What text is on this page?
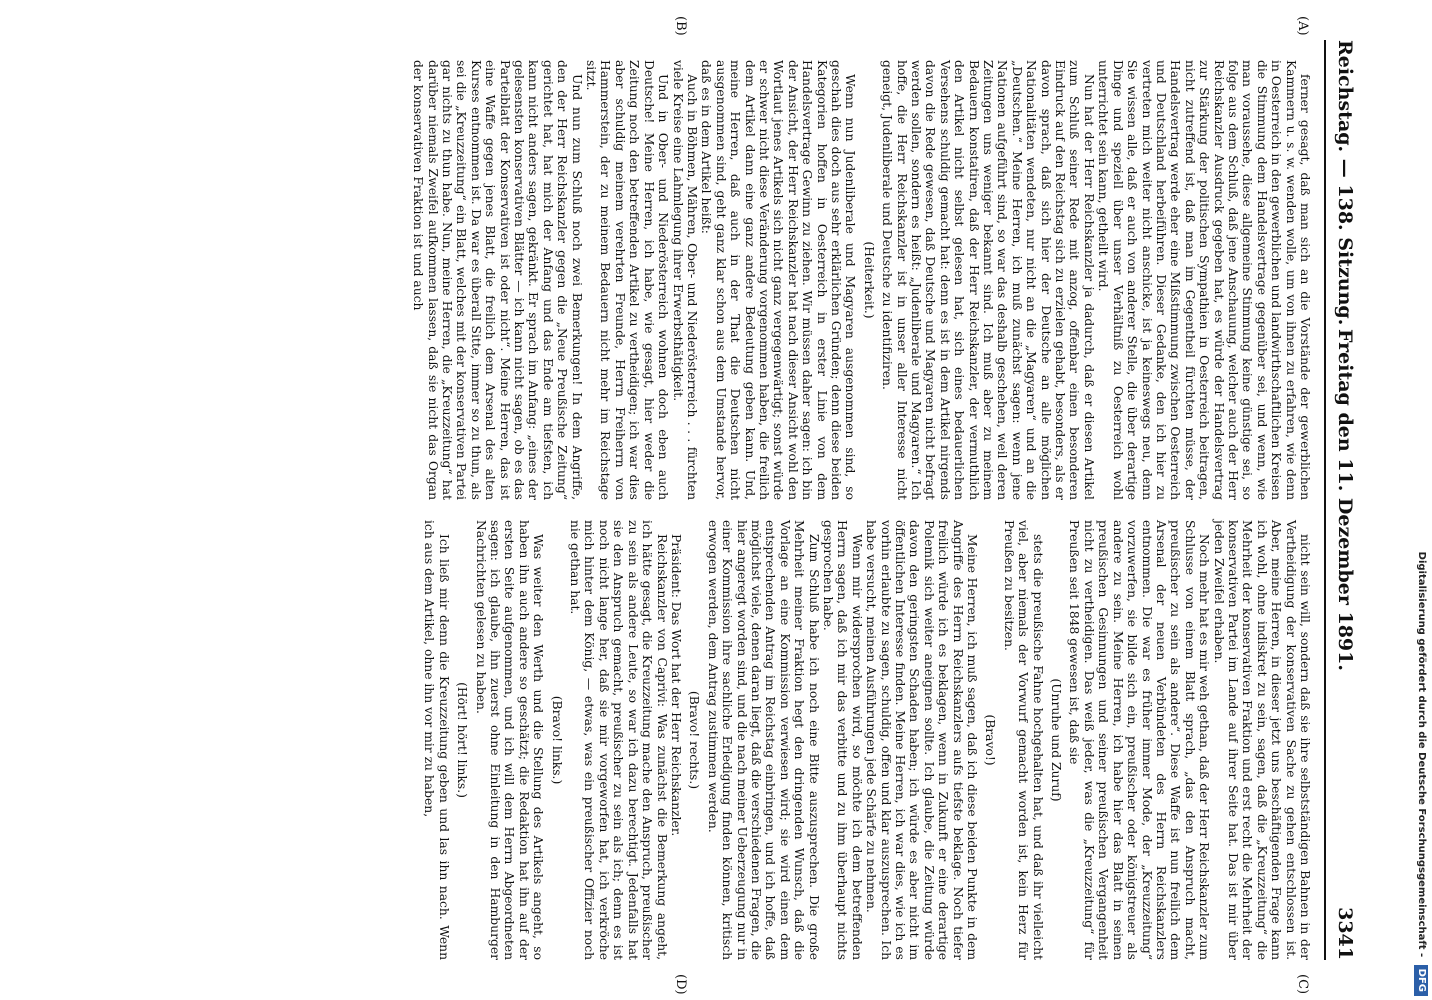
Reichstag. — 138. Sitzung.
Freitag den 11. Dezember 1891.
3341
(A)
(B)
(C)
(D)

ferner gesagt, daß man sich an die Vorstände der gewerblichen Kammern u. s. w. wenden wolle, um von ihnen zu erfahren, wie denn in Oesterreich in den gewerblichen und landwirthschaftlichen Kreisen die Stimmung dem Handelsvertrage gegenüber sei, und wenn, wie man voraussehe, diese allgemeine Stimmung keine günstige sei, so folge aus dem Schluß, daß jene Anschauung, welcher auch der Herr Reichskanzler Ausdruck gegeben hat, es würde der Handelsvertrag zur Stärkung der politischen Sympathien in Oesterreich beitragen, nicht zutreffend ist, daß man im Gegentheil fürchten müsse, der Handelsvertrag werde eher eine Mißstimmung zwischen Oesterreich und Deutschland herbeiführen. Dieser Gedanke, den ich hier zu vertreten mich weiter nicht anschicke, ist ja keineswegs neu, denn Sie wissen alle, daß er auch von anderer Stelle, die über derartige Dinge und speziell über unser Verhältniß zu Oesterreich wohl unterrichtet sein kann, getheilt wird.

Nun hat der Herr Reichskanzler ja dadurch, daß er diesen Artikel zum Schluß seiner Rede mit anzog, offenbar einen besonderen Eindruck auf den Reichstag sich zu erzielen gehabt, besonders, als er davon sprach, daß sich hier der Deutsche an alle möglichen Nationalitäten wendeten, nur nicht an die „Magyaren“ und an die „Deutschen.“ Meine Herren, ich muß zunächst sagen: wenn jene Nationen aufgeführt sind, so war das deshalb geschehen, weil deren Zeitungen uns weniger bekannt sind. Ich muß aber zu meinem Bedauern konstatiren, daß der Herr Reichskanzler, der vermuthlich den Artikel nicht selbst gelesen hat, sich eines bedauerlichen Versehens schuldig gemacht hat: denn es ist in dem Artikel nirgends davon die Rede gewesen, daß Deutsche und Magyaren nicht befragt werden sollen, sondern es heißt: „Judenliberale und Magyaren.“ Ich hoffe, die Herr Reichskanzler ist in unser aller Interesse nicht geneigt, Judenliberale und Deutsche zu identifiziren.

(Heiterkeit.)

Wenn nun Judenliberale und Magyaren ausgenommen sind, so geschah dies doch aus sehr erklärlichen Gründen; denn diese beiden Kategorien hoffen in Oesterreich in erster Linie von dem Handelsvertrage Gewinn zu ziehen. Wir müssen daher sagen: ich bin der Ansicht, der Herr Reichskanzler hat nach dieser Ansicht wohl den Wortlaut jenes Artikels sich nicht ganz vergegenwärtigt; sonst würde er schwer nicht diese Veränderung vorgenommen haben, die freilich dem Artikel dann eine ganz andere Bedeutung geben kann. Und, meine Herren, daß auch in der That die Deutschen nicht ausgenommen sind, geht ganz klar schon aus dem Umstande hervor, daß es in dem Artikel heißt:

Auch in Böhmen, Mähren, Ober- und Niederösterreich . . . fürchten viele Kreise eine Lahmlegung ihrer Erwerbsthätigkeit.

Und in Ober- und Niederösterreich wohnen doch eben auch Deutsche! Meine Herren, ich habe, wie gesagt, hier weder die Zeitung noch den betreffenden Artikel zu vertheidigen; ich war dies aber schuldig meinem verehrten Freunde, Herrn Freiherrn von Hammerstein, der zu meinem Bedauern nicht mehr im Reichstage sitzt.

Und nun zum Schluß noch zwei Bemerkungen! In dem Angriffe, den der Herr Reichskanzler gegen die „Neue Preußische Zeitung“ gerichtet hat, hat mich der Anfang und das Ende am tiefsten, ich kann nicht anders sagen, gekränkt. Er sprach im Anfang: „eines der gelesensten konservativen Blätter — ich kann nicht sagen, ob es das Parteiblatt der Konservativen ist oder nicht“. Meine Herren, das ist eine Waffe gegen jenes Blatt, die freilich dem Arsenal des alten Kurses entnommen ist. Da war es überall Sitte, immer so zu thun, als sei die „Kreuzzeitung“ ein Blatt, welches mit der konservativen Partei gar nichts zu thun habe. Nun, meine Herren, die „Kreuzzeitung“ hat darüber niemals Zweifel aufkommen lassen, daß sie nicht das Organ der konservativen Fraktion ist und auch

nicht sein will, sondern daß sie ihre selbstständigen Bahnen in der Vertheidigung der konservativen Sache zu gehen entschlossen ist. Aber, meine Herren, in dieser jetzt uns beschäftigenden Frage kann ich wohl, ohne indiskret zu sein, sagen, daß die „Kreuzzeitung“ die Mehrheit der konservativen Fraktion und erst recht die Mehrheit der konservativen Partei im Lande auf ihrer Seite hat. Das ist mir über jeden Zweifel erhaben.

Noch mehr hat es mir weh gethan, daß der Herr Reichskanzler zum Schlusse von einem Blatt sprach, „das den Anspruch macht, preußischer zu sein als andere“. Diese Waffe ist nun freilich dem Arsenal der neuen Verbündeten des Herrn Reichskanzlers entnommen. Die war es früher immer Mode, der „Kreuzzeitung“ vorzuwerfen, sie bilde sich ein, preußischer oder königstreuer als andere zu sein. Meine Herren, ich habe hier das Blatt in seinen preußischen Gesinnungen und seiner preußischen Vergangenheit nicht zu vertheidigen. Das weiß jeder, was die „Kreuzzeitung“ für Preußen seit 1848 gewesen ist, daß sie

(Unruhe und Zuruf)

stets die preußische Fahne hochgehalten hat, und daß ihr vielleicht viel, aber niemals der Vorwurf gemacht worden ist, kein Herz für Preußen zu besitzen.

(Bravo!)

Meine Herren, ich muß sagen, daß ich diese beiden Punkte in dem Angriffe des Herrn Reichskanzlers aufs tiefste beklage. Noch tiefer freilich würde ich es beklagen, wenn in Zukunft er eine derartige Polemik sich weiter aneignen sollte. Ich glaube, die Zeitung würde davon den geringsten Schaden haben; ich würde es aber nicht im öffentlichen Interesse finden. Meine Herren, ich war dies, wie ich es vorhin erlaubte zu sagen, schuldig, offen und klar auszusprechen. Ich habe versucht, meinen Ausführungen jede Schärfe zu nehmen.

Wenn mir widersprochen wird, so möchte ich dem betreffenden Herrn sagen, daß ich mir das verbitte und zu ihm überhaupt nichts gesprochen habe.

Zum Schluß habe ich noch eine Bitte auszusprechen. Die große Mehrheit meiner Fraktion hegt den dringenden Wunsch, daß die Vorlage an eine Kommission verwiesen wird; sie wird einen dem entsprechenden Antrag im Reichstag einbringen, und ich hoffe, daß möglichst viele, denen daran liegt, daß die verschiedenen Fragen, die hier angeregt worden sind, und die nach meiner Ueberzeugung nur in einer Kommission ihre sachliche Erledigung finden können, kritisch erwogen werden, dem Antrag zustimmen werden.

(Bravo! rechts.)

Präsident: Das Wort hat der Herr Reichskanzler.

Reichskanzler von Caprivi: Was zunächst die Bemerkung angeht, ich hätte gesagt, die Kreuzzeitung mache den Anspruch, preußischer zu sein als andere Leute, so war ich dazu berechtigt. Jedenfalls hat sie den Anspruch gemacht, preußischer zu sein als ich; denn es ist noch nicht lange her, daß sie mir vorgeworfen hat, ich verkröche mich hinter dem König, — etwas, was ein preußischer Offizier noch nie gethan hat.

(Bravo! links.)

Was weiter den Werth und die Stellung des Artikels angeht, so haben ihn auch andere so geschätzt; die Redaktion hat ihn auf der ersten Seite aufgenommen, und ich will dem Herrn Abgeordneten sagen: ich glaube, ihn zuerst ohne Einleitung in den Hamburger Nachrichten gelesen zu haben.

(Hört! hört! links.)

Ich ließ mir denn die Kreuzzeitung geben und las ihn nach. Wenn ich aus dem Artikel, ohne ihn vor mir zu haben,	Digitalisierung gefördert durch die Deutsche Forschungsgemeinschaft - DFG
